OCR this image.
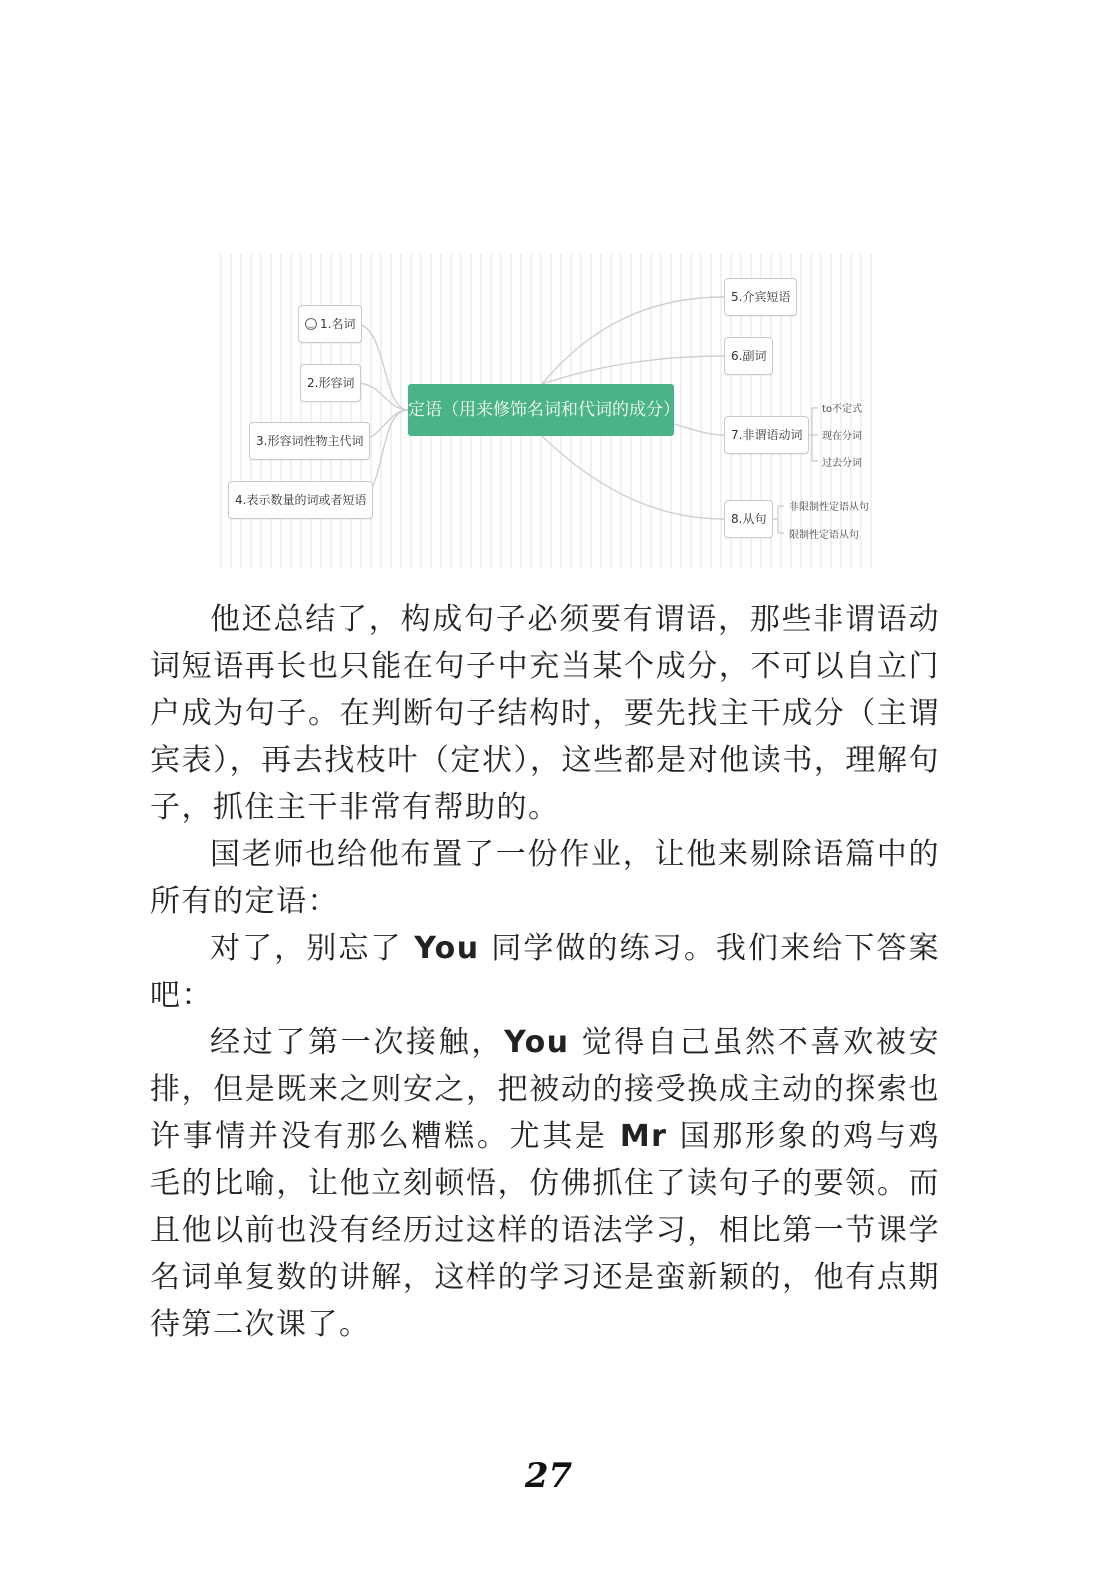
定语（用来修饰名词和代词的成分）
‿ 1.名词
2.形容词
3.形容词性物主代词
4.表示数量的词或者短语
5.介宾短语
6.副词
7.非谓语动词
8.从句
to不定式
现在分词
过去分词
非限制性定语从句
限制性定语从句

他还总结了，构成句子必须要有谓语，那些非谓语动词短语再长也只能在句子中充当某个成分，不可以自立门户成为句子。在判断句子结构时，要先找主干成分（主谓宾表），再去找枝叶（定状），这些都是对他读书，理解句子，抓住主干非常有帮助的。

国老师也给他布置了一份作业，让他来剔除语篇中的所有的定语：

对了，别忘了 You 同学做的练习。我们来给下答案吧：

经过了第一次接触，You 觉得自己虽然不喜欢被安排，但是既来之则安之，把被动的接受换成主动的探索也许事情并没有那么糟糕。尤其是 Mr 国那形象的鸡与鸡毛的比喻，让他立刻顿悟，仿佛抓住了读句子的要领。而且他以前也没有经历过这样的语法学习，相比第一节课学名词单复数的讲解，这样的学习还是蛮新颖的，他有点期待第二次课了。

27
